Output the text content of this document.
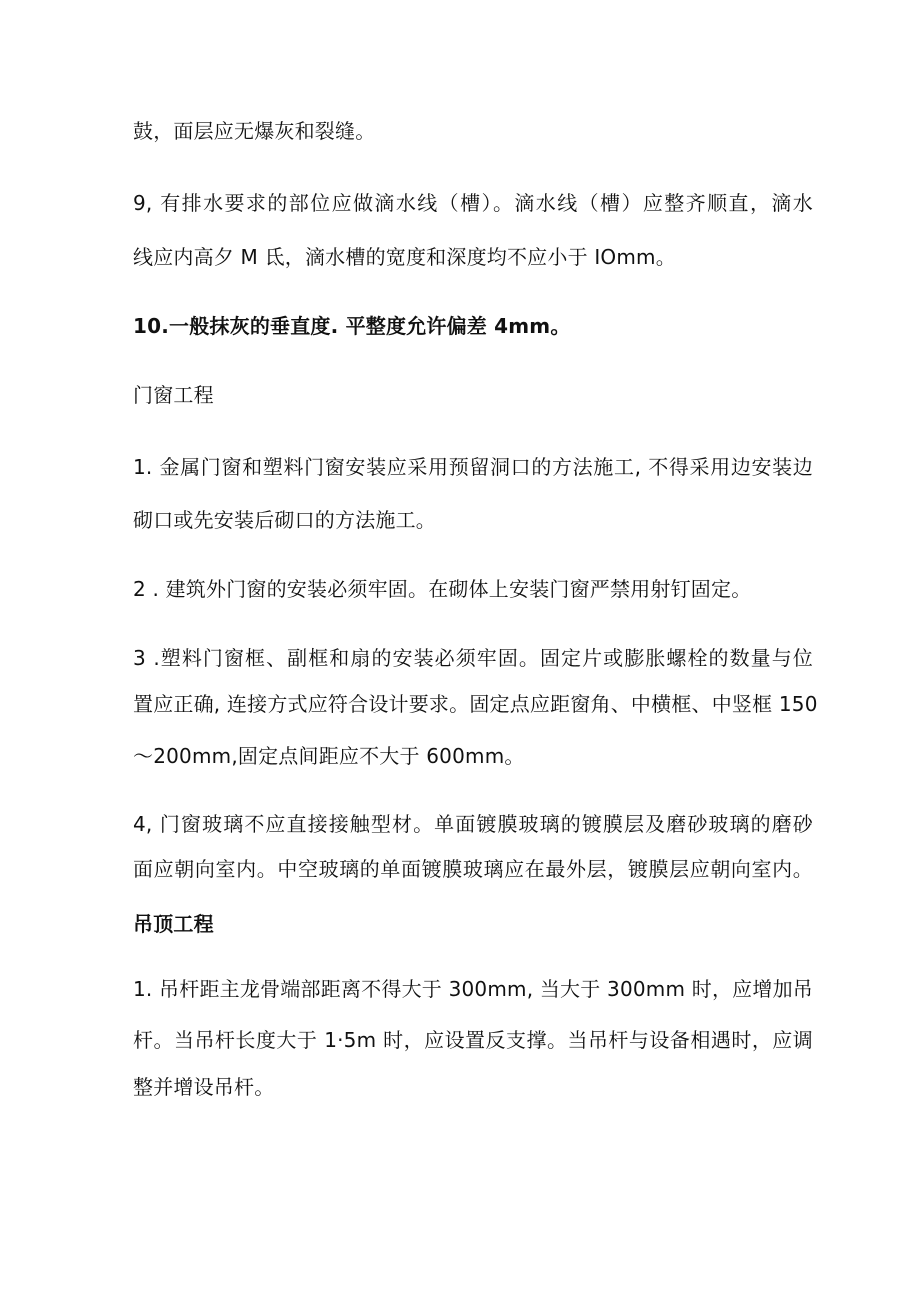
鼓，面层应无爆灰和裂缝。
9, 有排水要求的部位应做滴水线（槽）。滴水线（槽）应整齐顺直，滴水
线应内高夕 M 氐，滴水槽的宽度和深度均不应小于 IOmm。
10.一般抹灰的垂直度. 平整度允许偏差 4mm。
门窗工程
1. 金属门窗和塑料门窗安装应采用预留洞口的方法施工, 不得采用边安装边
砌口或先安装后砌口的方法施工。
2 . 建筑外门窗的安装必须牢固。在砌体上安装门窗严禁用射钉固定。
3 .塑料门窗框、副框和扇的安装必须牢固。固定片或膨胀螺栓的数量与位
置应正确, 连接方式应符合设计要求。固定点应距窗角、中横框、中竖框 150
～200mm,固定点间距应不大于 600mm。
4, 门窗玻璃不应直接接触型材。单面镀膜玻璃的镀膜层及磨砂玻璃的磨砂
面应朝向室内。中空玻璃的单面镀膜玻璃应在最外层，镀膜层应朝向室内。
吊顶工程
1. 吊杆距主龙骨端部距离不得大于 300mm, 当大于 300mm 时，应增加吊
杆。当吊杆长度大于 1·5m 时，应设置反支撑。当吊杆与设备相遇时，应调
整并增设吊杆。
